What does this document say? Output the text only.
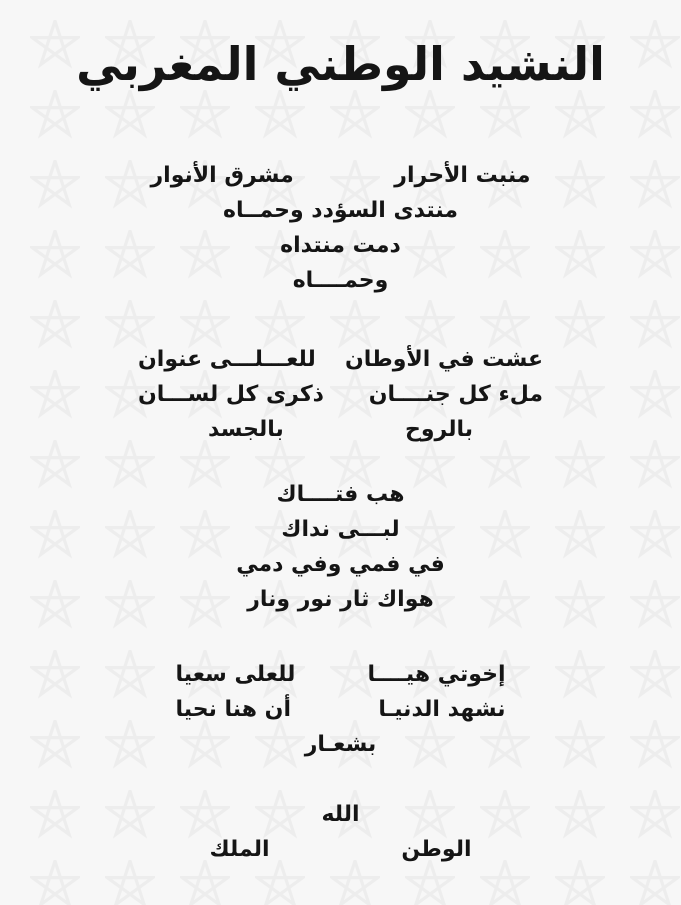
النشيد الوطني المغربي
منبت الأحرار
مشرق الأنوار
منتدى السؤدد وحمــاه
دمت منتداه
وحمــــاه
عشت في الأوطان
للعـــلـــى عنوان
ملء كل جنــــان
ذكرى كل لســـان
بالروح
بالجسد
هب فتــــاك
لبـــى نداك
في فمي وفي دمي
هواك ثار نور ونار
إخوتي هيــــا
للعلى سعيا
نشهد الدنيـا
أن هنا نحيا
بشعـار
الله
الوطن
الملك
